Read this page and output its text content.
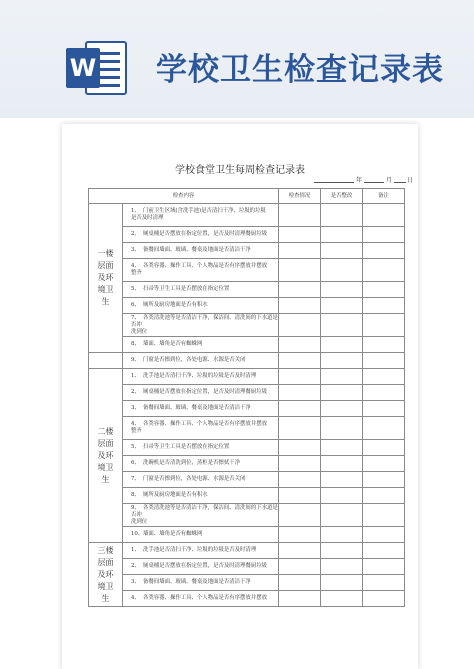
W 学校卫生检查记录表
学校食堂卫生每周检查记录表
年	月 日
检查内容		检查情况	是否整改	备注
一楼层面及环境卫生	1、 门前卫生区域(含洗手池)是否清扫干净、垃圾的垃圾
是否及时清理			
	2、 厕桌桶是否摆放在指定位置，是否及时清理餐厨垃圾			
	3、 备餐间墙面、玻璃、餐桌及地面是否清洁干净			
	4、 各类容器、操作工具、个人物品是否有序摆放并摆放
整齐			
	5、 扫帚等卫生工具是否摆放在指定位置			
	6、 厕所及厨房地面是否有积水			
	7、 各类清洗池等是否清洁干净，保洁间、清洗间的下水道是否冲
洗到位			
	8、 墙面、墙角是否有蜘蛛网			
	9、 门窗是否擦到位，各处电源、水源是否关闭			
二楼层面及环境卫生	1、 洗手池是否清扫干净、垃圾的垃圾是否及时清理			
	2、 厕桌桶是否摆放在指定位置，是否及时清理餐厨垃圾			
	3、 备餐间墙面、玻璃、餐桌及地面是否清洁干净			
	4、 各类容器、操作工具、个人物品是否有序摆放并摆放
整齐			
	5、 扫帚等卫生工具是否摆放在指定位置			
	6、 洗碗机是否清洗到位，蒸柜是否擦拭干净			
	7、 门窗是否擦到位，各处电源、水源是否关闭			
	8、 厕所及厨房地面是否有积水			
	9、 各类清洗池等是否清洁干净，保洁间、清洗间的下水道是否冲
洗到位			
	10、墙面、墙角是否有蜘蛛网			
三楼层面及环境卫生	1、 洗手池是否清扫干净、垃圾的垃圾是否及时清理			
	2、 厕桌桶是否摆放在指定位置，是否及时清理餐厨垃圾			
	3、 备餐间墙面、玻璃、餐桌及地面是否清洁干净			
	4、 各类容器、操作工具、个人物品是否有序摆放并摆放			
